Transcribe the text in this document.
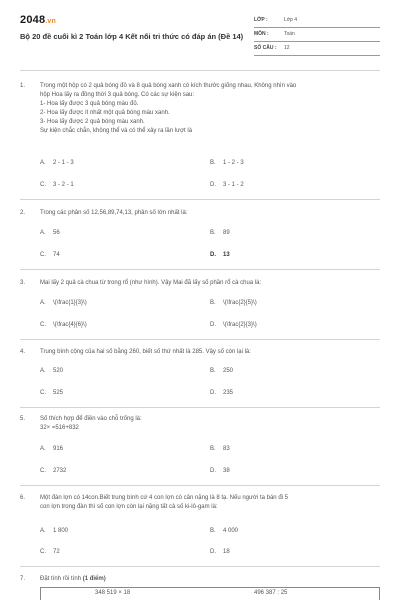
2048.vn
Bộ 20 đề cuối kì 2 Toán lớp 4 Kết nối tri thức có đáp án (Đề 14)
LỚP :	Lớp 4
MÔN :	Toán
SỐ CÂU : 12
1. Trong một hộp có 2 quả bóng đỏ và 8 quả bóng xanh có kích thước giống nhau. Không nhìn vào
hộp Hoa lấy ra đồng thời 3 quả bóng. Có các sự kiện sau:
1- Hoa lấy được 3 quả bóng màu đỏ.
2- Hoa lấy được ít nhất một quả bóng màu xanh.
3- Hoa lấy được 2 quả bóng màu xanh.
Sự kiện chắc chắn, không thể và có thể xảy ra lần lượt là
A. 2 - 1 - 3	B. 1 - 2 - 3
C. 3 - 2 - 1	D. 3 - 1 - 2
2. Trong các phân số 12,56,89,74,13, phân số lớn nhất là:
A. 56	B. 89
C. 74	D. 13
3. Mai lấy 2 quả cà chua từ trong rổ (như hình). Vậy Mai đã lấy số phần rổ cà chua là:
A. \(\frac{1}{3}\)	B. \(\frac{2}{5}\)
C. \(\frac{4}{6}\)	D. \(\frac{2}{3}\)
4. Trung bình cộng của hai số bằng 260, biết số thứ nhất là 285. Vậy số còn lại là:
A. 520	B. 250
C. 525	D. 235
5. Số thích hợp để điền vào chỗ trống là:
32× =516+832
A. 916	B. 83
C. 2732	D. 38
6. Một đàn lợn có 14con.Biết trung bình cứ 4 con lợn có cân nặng là 8 tạ. Nếu người ta bán đi 5
con lợn trong đàn thì số con lợn còn lại nặng tất cả số ki-lô-gam là:
A. 1 800	B. 4 000
C. 72	D. 18
7. Đặt tính rồi tính (1 điểm)
348 519 × 18	496 387 : 25
